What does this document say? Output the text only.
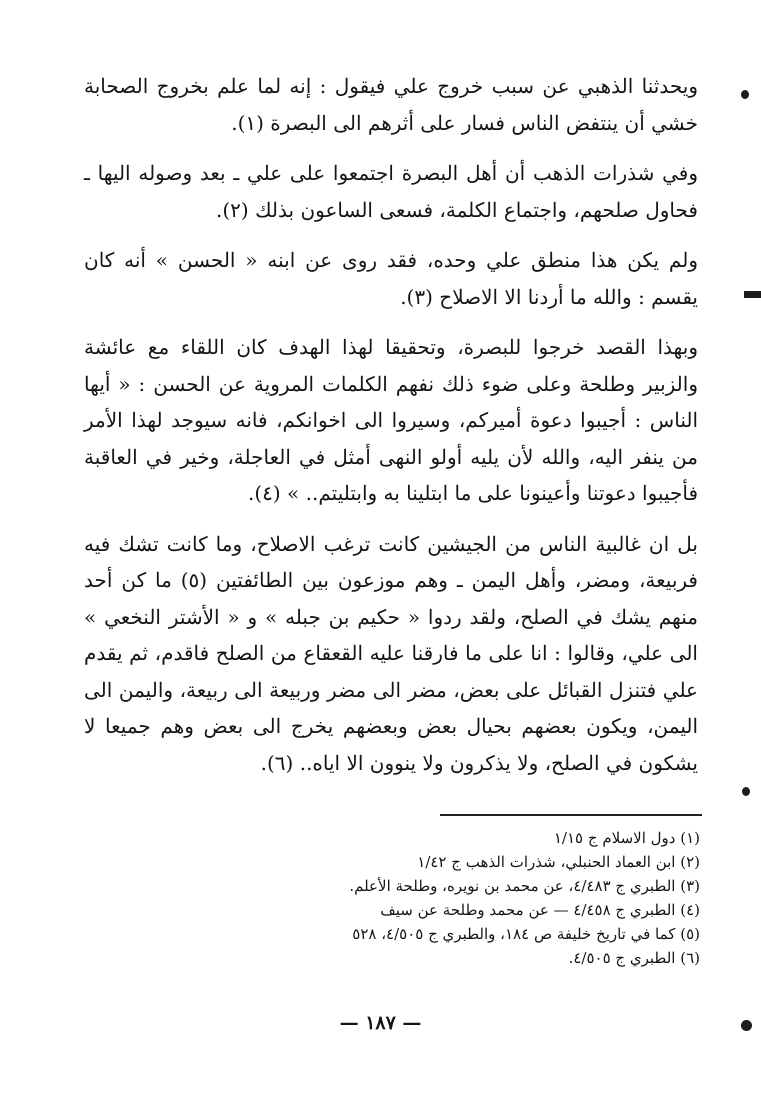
ويحدثنا الذهبي عن سبب خروج علي فيقول : إنه لما علم بخروج الصحابة خشي أن ينتفض الناس فسار على أثرهم الى البصرة (١).

وفي شذرات الذهب أن أهل البصرة اجتمعوا على علي ـ بعد وصوله اليها ـ فحاول صلحهم، واجتماع الكلمة، فسعى الساعون بذلك (٢).

ولم يكن هذا منطق علي وحده، فقد روى عن ابنه « الحسن » أنه كان يقسم : والله ما أردنا الا الاصلاح (٣).

وبهذا القصد خرجوا للبصرة، وتحقيقا لهذا الهدف كان اللقاء مع عائشة والزبير وطلحة وعلى ضوء ذلك نفهم الكلمات المروية عن الحسن : « أيها الناس : أجيبوا دعوة أميركم، وسيروا الى اخوانكم، فانه سيوجد لهذا الأمر من ينفر اليه، والله لأن يليه أولو النهى أمثل في العاجلة، وخير في العاقبة فأجيبوا دعوتنا وأعينونا على ما ابتلينا به وابتليتم.. » (٤).

بل ان غالبية الناس من الجيشين كانت ترغب الاصلاح، وما كانت تشك فيه فربيعة، ومضر، وأهل اليمن ـ وهم موزعون بين الطائفتين (٥) ما كن أحد منهم يشك في الصلح، ولقد ردوا « حكيم بن جبله » و « الأشتر النخعي » الى علي، وقالوا : انا على ما فارقنا عليه القعقاع من الصلح فاقدم، ثم يقدم علي فتنزل القبائل على بعض، مضر الى مضر وربيعة الى ربيعة، واليمن الى اليمن، ويكون بعضهم بحيال بعض وبعضهم يخرج الى بعض وهم جميعا لا يشكون في الصلح، ولا يذكرون ولا ينوون الا اياه.. (٦).

(١) دول الاسلام ج ١/١٥
(٢) ابن العماد الحنبلي، شذرات الذهب ج ١/٤٢
(٣) الطبري ج ٤/٤٨٣، عن محمد بن نويره، وطلحة الأعلم.
(٤) الطبري ج ٤/٤٥٨ — عن محمد وطلحة عن سيف
(٥) كما في تاريخ خليفة ص ١٨٤، والطبري ج ٤/٥٠٥، ٥٢٨
(٦) الطبري ج ٤/٥٠٥.
— ١٨٧ —
